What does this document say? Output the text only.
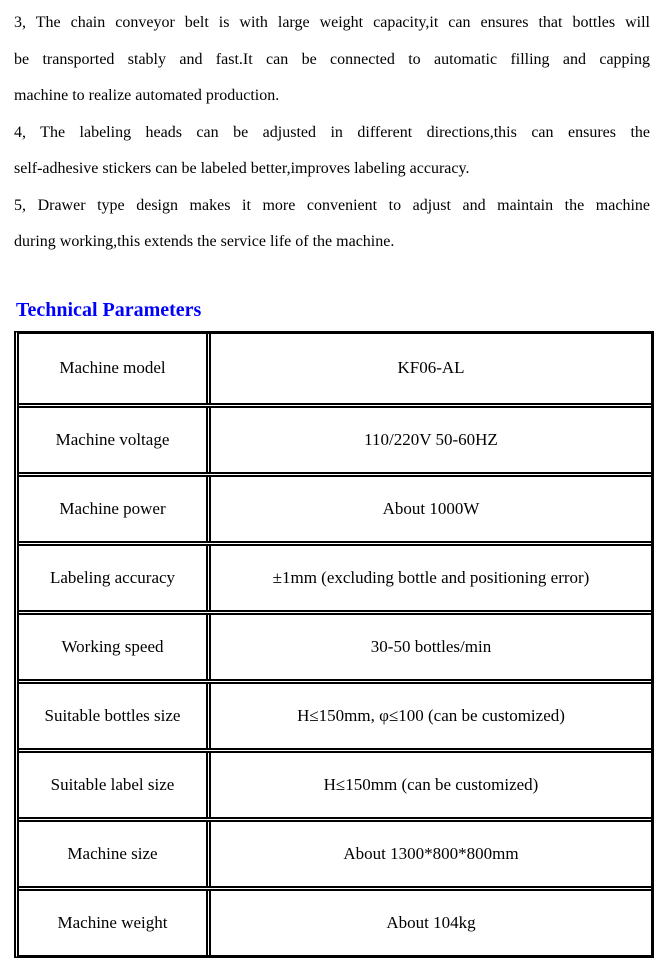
3, The chain conveyor belt is with large weight capacity,it can ensures that bottles will
be transported stably and fast.It can be connected to automatic filling and capping
machine to realize automated production.
4, The labeling heads can be adjusted in different directions,this can ensures the
self-adhesive stickers can be labeled better,improves labeling accuracy.
5, Drawer type design makes it more convenient to adjust and maintain the machine
during working,this extends the service life of the machine.
Technical Parameters
Machine model	KF06-AL
Machine voltage	110/220V 50-60HZ
Machine power	About 1000W
Labeling accuracy	±1mm (excluding bottle and positioning error)
Working speed	30-50 bottles/min
Suitable bottles size	H≤150mm, φ≤100 (can be customized)
Suitable label size	H≤150mm (can be customized)
Machine size	About 1300*800*800mm
Machine weight	About 104kg
